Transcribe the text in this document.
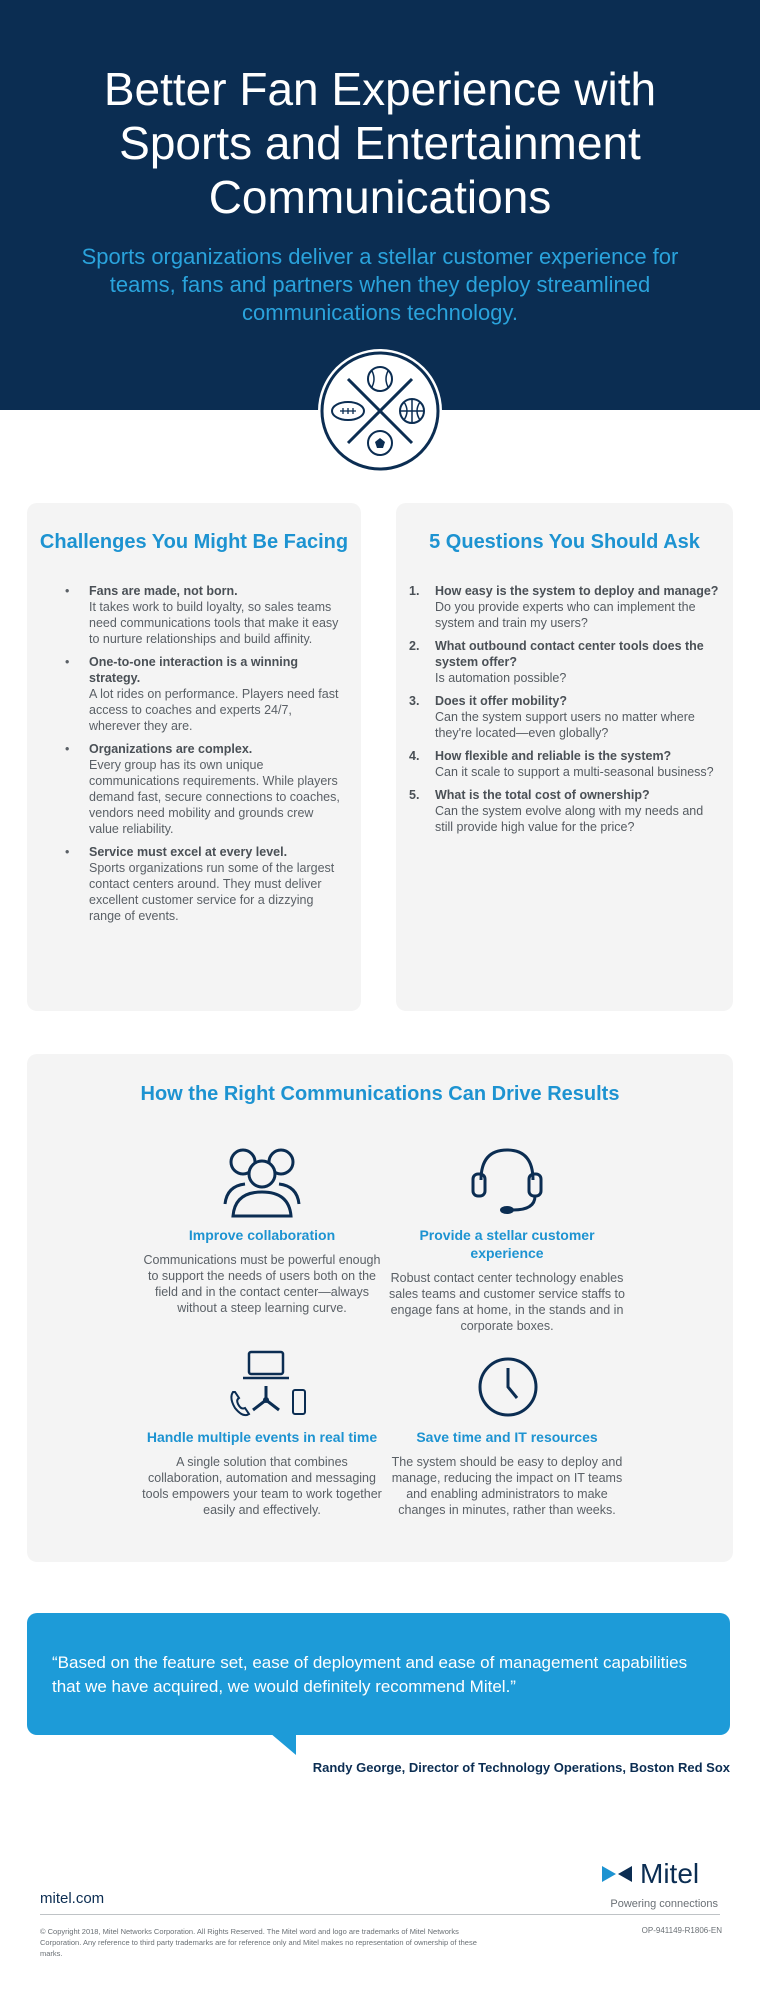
Better Fan Experience with Sports and Entertainment Communications

Sports organizations deliver a stellar customer experience for teams, fans and partners when they deploy streamlined communications technology.

Challenges You Might Be Facing
• Fans are made, not born.
It takes work to build loyalty, so sales teams need communications tools that make it easy to nurture relationships and build affinity.
• One-to-one interaction is a winning strategy.
A lot rides on performance. Players need fast access to coaches and experts 24/7, wherever they are.
• Organizations are complex.
Every group has its own unique communications requirements. While players demand fast, secure connections to coaches, vendors need mobility and grounds crew value reliability.
• Service must excel at every level.
Sports organizations run some of the largest contact centers around. They must deliver excellent customer service for a dizzying range of events.
5 Questions You Should Ask
1. How easy is the system to deploy and manage?
Do you provide experts who can implement the system and train my users?
2. What outbound contact center tools does the system offer?
Is automation possible?
3. Does it offer mobility?
Can the system support users no matter where they're located—even globally?
4. How flexible and reliable is the system?
Can it scale to support a multi-seasonal business?
5. What is the total cost of ownership?
Can the system evolve along with my needs and still provide high value for the price?
How the Right Communications Can Drive Results
Improve collaboration
Communications must be powerful enough to support the needs of users both on the field and in the contact center—always without a steep learning curve.
Provide a stellar customer experience
Robust contact center technology enables sales teams and customer service staffs to engage fans at home, in the stands and in corporate boxes.
Handle multiple events in real time
A single solution that combines collaboration, automation and messaging tools empowers your team to work together easily and effectively.
Save time and IT resources
The system should be easy to deploy and manage, reducing the impact on IT teams and enabling administrators to make changes in minutes, rather than weeks.

“Based on the feature set, ease of deployment and ease of management capabilities that we have acquired, we would definitely recommend Mitel.”

Randy George, Director of Technology Operations, Boston Red Sox

mitel.com
Mitel
Powering connections

© Copyright 2018, Mitel Networks Corporation. All Rights Reserved. The Mitel word and logo are trademarks of Mitel Networks Corporation. Any reference to third party trademarks are for reference only and Mitel makes no representation of ownership of these marks.

OP-941149-R1806-EN
